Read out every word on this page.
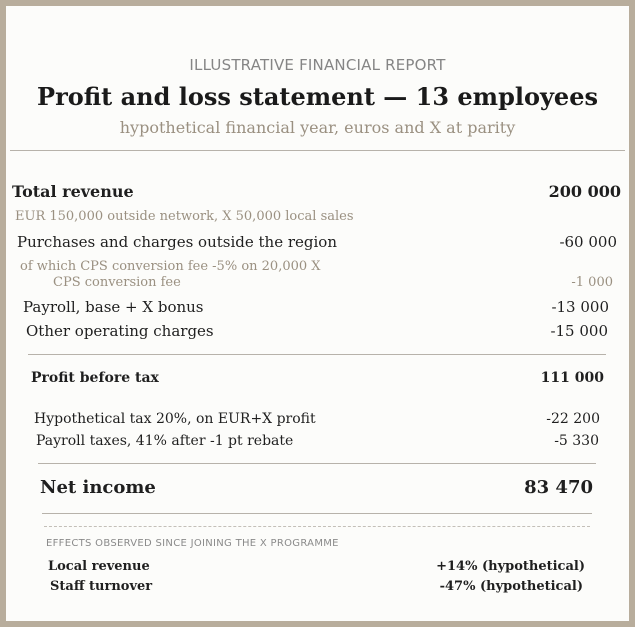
ILLUSTRATIVE FINANCIAL REPORT
Profit and loss statement — 13 employees
hypothetical financial year, euros and X at parity
Total revenue	200 000
EUR 150,000 outside network, X 50,000 local sales
Purchases and charges outside the region	-60 000
of which CPS conversion fee -5% on 20,000 X
CPS conversion fee	-1 000
Payroll, base + X bonus	-13 000
Other operating charges	-15 000
Profit before tax	111 000
Hypothetical tax 20%, on EUR+X profit	-22 200
Payroll taxes, 41% after -1 pt rebate	-5 330
Net income	83 470
EFFECTS OBSERVED SINCE JOINING THE X PROGRAMME
Local revenue	+14% (hypothetical)
Staff turnover	-47% (hypothetical)
